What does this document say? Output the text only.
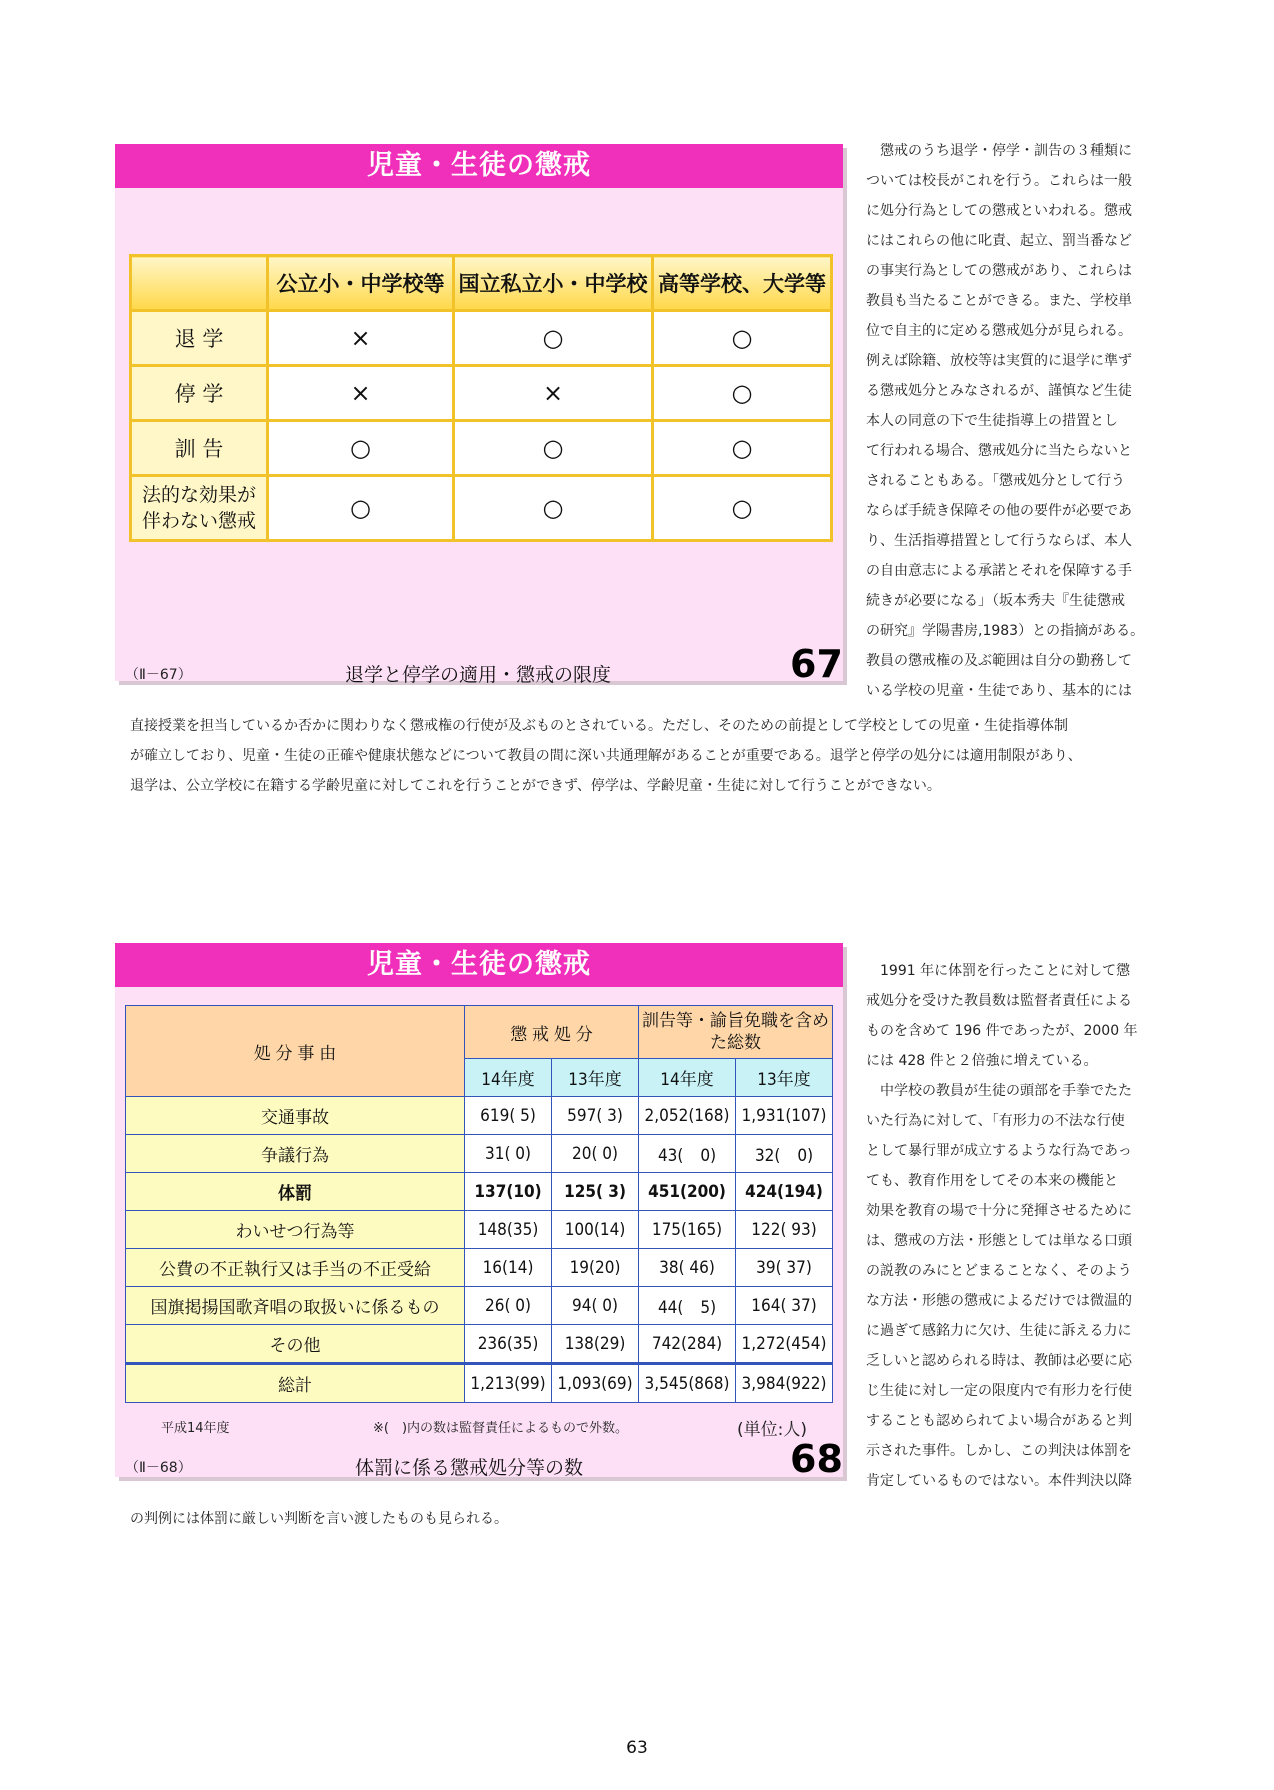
児童・生徒の懲戒
	公立小・中学校等	国立私立小・中学校	高等学校、大学等
退 学	×	○	○
停 学	×	×	○
訓 告	○	○	○
法的な効果が伴わない懲戒	○	○	○
（Ⅱ－67）	退学と停学の適用・懲戒の限度	67
　懲戒のうち退学・停学・訓告の３種類に
ついては校長がこれを行う。これらは一般
に処分行為としての懲戒といわれる。懲戒
にはこれらの他に叱責、起立、罰当番など
の事実行為としての懲戒があり、これらは
教員も当たることができる。また、学校単
位で自主的に定める懲戒処分が見られる。
例えば除籍、放校等は実質的に退学に準ず
る懲戒処分とみなされるが、謹慎など生徒
本人の同意の下で生徒指導上の措置とし
て行われる場合、懲戒処分に当たらないと
されることもある。「懲戒処分として行う
ならば手続き保障その他の要件が必要であ
り、生活指導措置として行うならば、本人
の自由意志による承諾とそれを保障する手
続きが必要になる」（坂本秀夫『生徒懲戒
の研究』学陽書房,1983）との指摘がある。
教員の懲戒権の及ぶ範囲は自分の勤務して
いる学校の児童・生徒であり、基本的には
直接授業を担当しているか否かに関わりなく懲戒権の行使が及ぶものとされている。ただし、そのための前提として学校としての児童・生徒指導体制
が確立しており、児童・生徒の正確や健康状態などについて教員の間に深い共通理解があることが重要である。退学と停学の処分には適用制限があり、
退学は、公立学校に在籍する学齢児童に対してこれを行うことができず、停学は、学齢児童・生徒に対して行うことができない。
児童・生徒の懲戒
処 分 事 由	懲 戒 処 分		訓告等・諭旨免職を含めた総数	
	14年度	13年度	14年度	13年度
交通事故	619( 5)	597( 3)	2,052(168)	1,931(107)
争議行為	31( 0)	20( 0)	43(　0)	32(　0)
体罰	137(10)	125( 3)	451(200)	424(194)
わいせつ行為等	148(35)	100(14)	175(165)	122( 93)
公費の不正執行又は手当の不正受給	16(14)	19(20)	38( 46)	39( 37)
国旗掲揚国歌斉唱の取扱いに係るもの	26( 0)	94( 0)	44(　5)	164( 37)
その他	236(35)	138(29)	742(284)	1,272(454)
総計	1,213(99)	1,093(69)	3,545(868)	3,984(922)
平成14年度	※(　)内の数は監督責任によるもので外数。	(単位:人)
（Ⅱ－68）	体罰に係る懲戒処分等の数	68
　1991 年に体罰を行ったことに対して懲
戒処分を受けた教員数は監督者責任による
ものを含めて 196 件であったが、2000 年
には 428 件と２倍強に増えている。
　中学校の教員が生徒の頭部を手拳でたた
いた行為に対して、「有形力の不法な行使
として暴行罪が成立するような行為であっ
ても、教育作用をしてその本来の機能と
効果を教育の場で十分に発揮させるために
は、懲戒の方法・形態としては単なる口頭
の説教のみにとどまることなく、そのよう
な方法・形態の懲戒によるだけでは微温的
に過ぎて感銘力に欠け、生徒に訴える力に
乏しいと認められる時は、教師は必要に応
じ生徒に対し一定の限度内で有形力を行使
することも認められてよい場合があると判
示された事件。しかし、この判決は体罰を
肯定しているものではない。本件判決以降
の判例には体罰に厳しい判断を言い渡したものも見られる。
63
